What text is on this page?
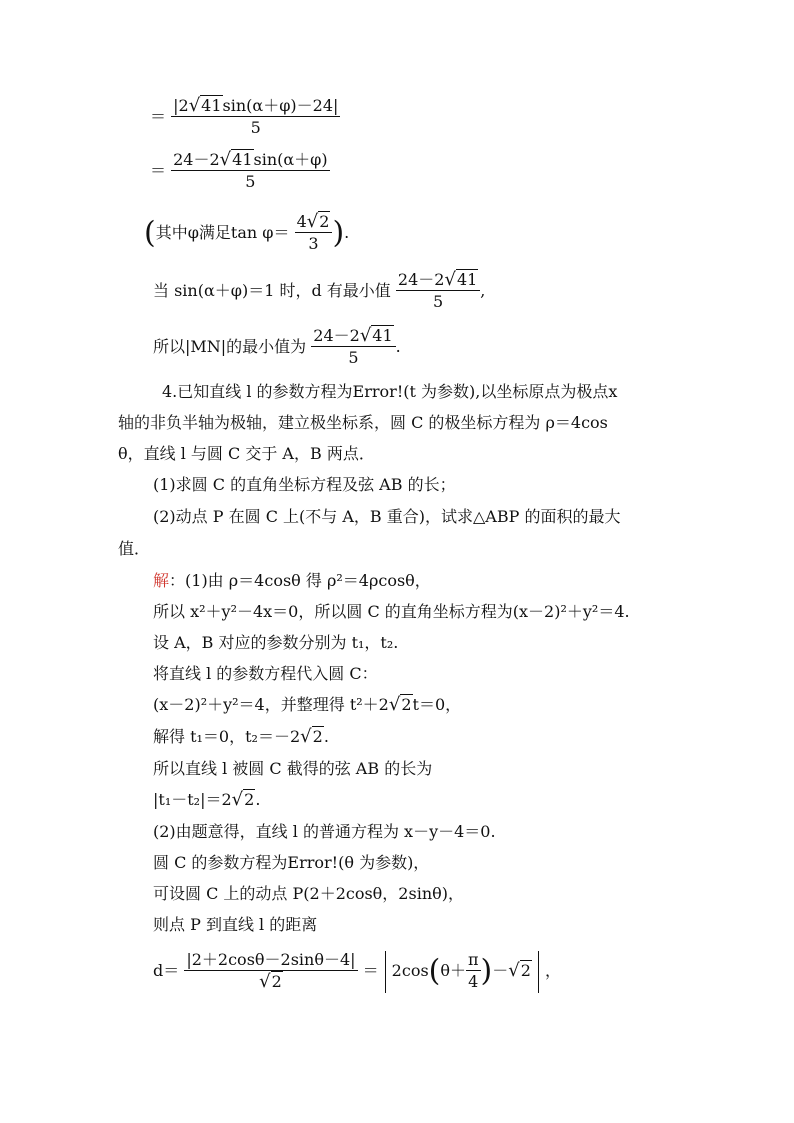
＝ $\frac{|2√41\sin(\alpha+\varphi)-24|}{5}$
＝ $\frac{24-2√41\sin(\alpha+\varphi)}{5}$
(其中φ满足$\tan \varphi= \frac{4√2}{3}$ ).
当 sin(α＋φ)＝1 时，d 有最小值 $\frac{24-2√41}{5}$ ,
所以|MN|的最小值为 $\frac{24-2√41}{5}$ .
4.已知直线 l 的参数方程为Error!(t 为参数),以坐标原点为极点x
轴的非负半轴为极轴，建立极坐标系，圆 C 的极坐标方程为 ρ＝4cos
θ，直线 l 与圆 C 交于 A，B 两点．
(1)求圆 C 的直角坐标方程及弦 AB 的长；
(2)动点 P 在圆 C 上(不与 A，B 重合)，试求△ABP 的面积的最大
值．
解：(1)由 ρ＝4cosθ 得 ρ²＝4ρcosθ，
所以 x²＋y²－4x＝0，所以圆 C 的直角坐标方程为(x－2)²＋y²＝4.
设 A，B 对应的参数分别为 t₁，t₂.
将直线 l 的参数方程代入圆 C：
(x－2)²＋y²＝4，并整理得 t²＋2√2t＝0，
解得 t₁＝0，t₂＝－2√2.
所以直线 l 被圆 C 截得的弦 AB 的长为
|t₁－t₂|＝2√2.
(2)由题意得，直线 l 的普通方程为 x－y－4＝0.
圆 C 的参数方程为Error!(θ 为参数)，
可设圆 C 上的动点 P(2＋2cosθ，2sinθ)，
则点 P 到直线 l 的距离
$d= \frac{|2+2\cos\theta-2\sin\theta-4|}{√2} = 2\cos(\theta+ \frac{\pi}{4} )-√2$ ，
